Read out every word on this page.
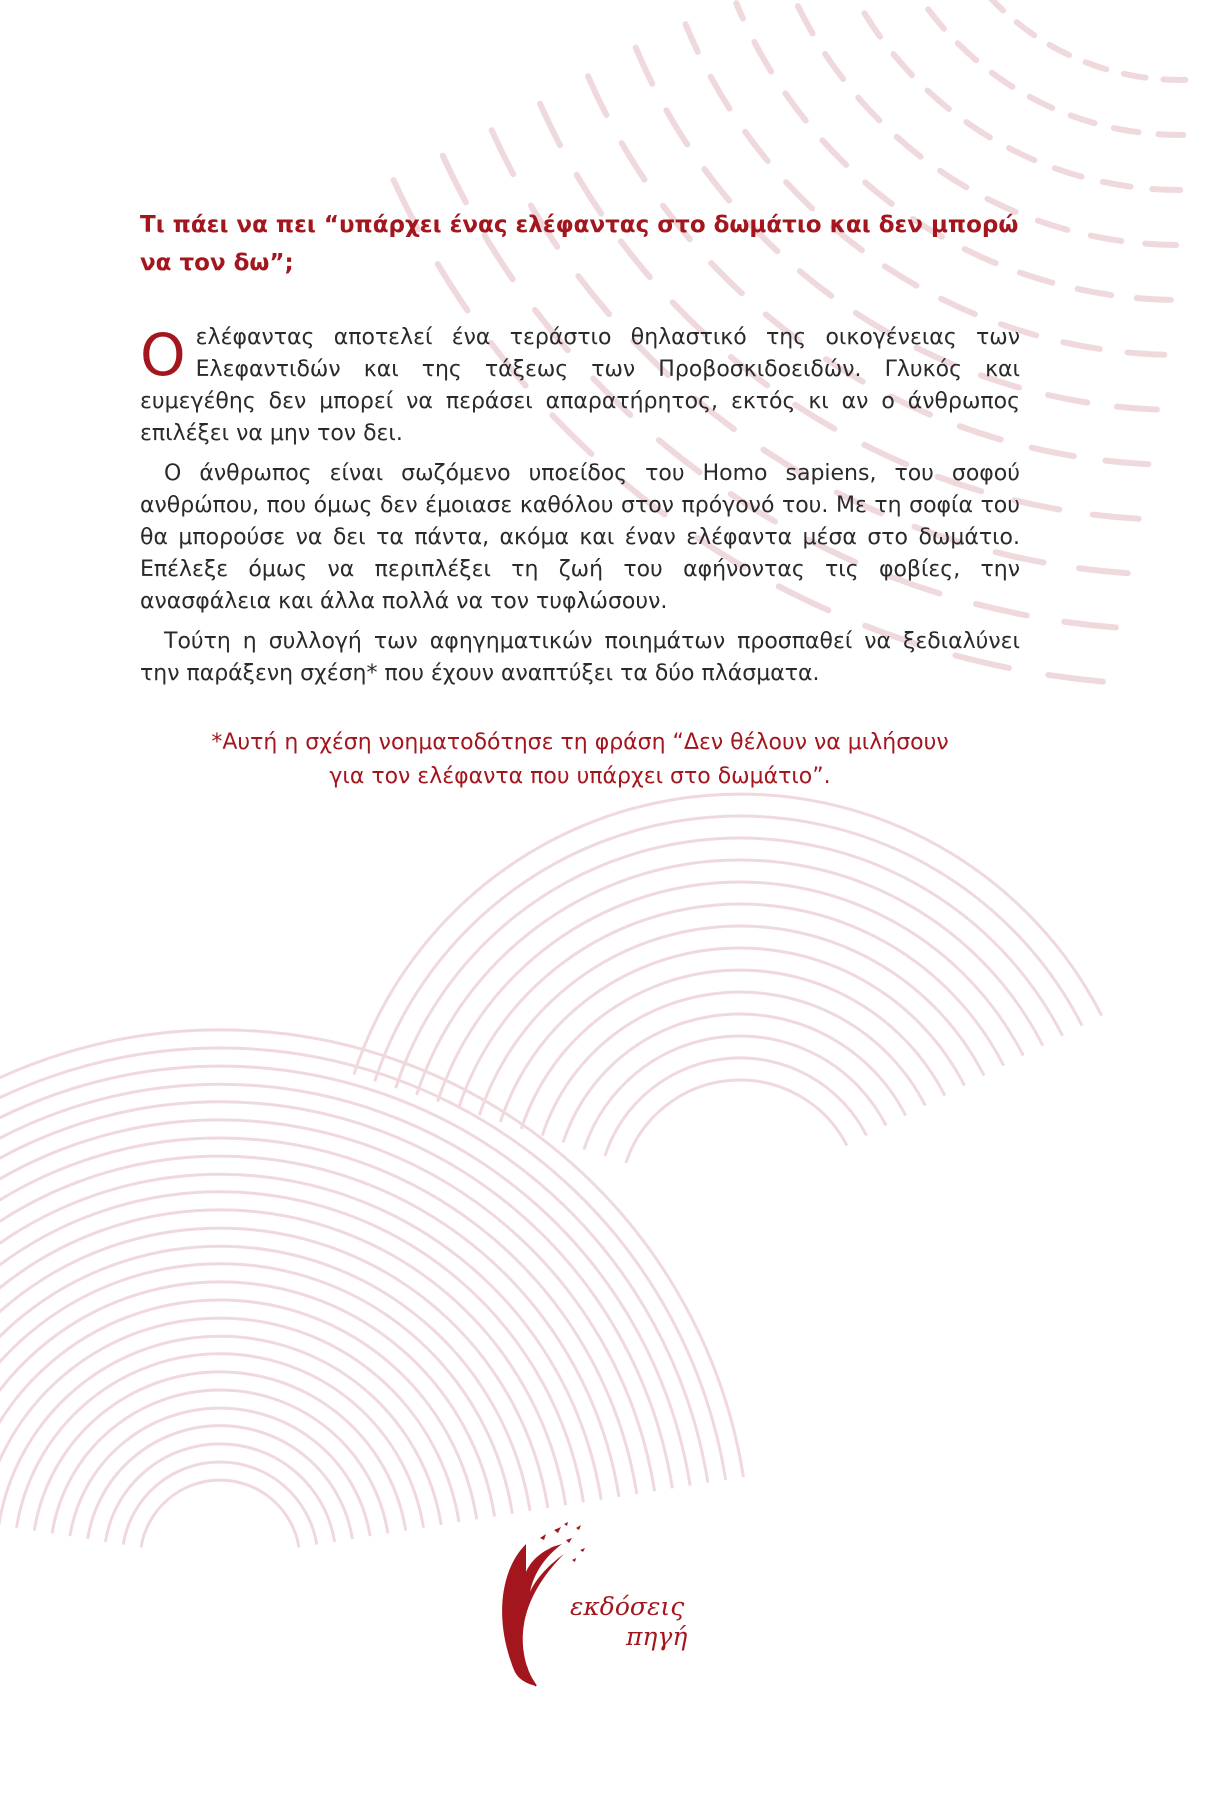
Τι πάει να πει “υπάρχει ένας ελέφαντας στο δωμάτιο και δεν μπορώ να τον δω”;

Ο ελέφαντας αποτελεί ένα τεράστιο θηλαστικό της οικογένειας των Ελεφαντιδών και της τάξεως των Προβοσκιδοειδών. Γλυκός και ευμεγέθης δεν μπορεί να περάσει απαρατήρητος, εκτός κι αν ο άνθρωπος επιλέξει να μην τον δει.

Ο άνθρωπος είναι σωζόμενο υποείδος του Homo sapiens, του σοφού ανθρώπου, που όμως δεν έμοιασε καθόλου στον πρόγονό του. Με τη σοφία του θα μπορούσε να δει τα πάντα, ακόμα και έναν ελέφαντα μέσα στο δωμάτιο. Επέλεξε όμως να περιπλέξει τη ζωή του αφήνοντας τις φοβίες, την ανασφάλεια και άλλα πολλά να τον τυφλώσουν.

Τούτη η συλλογή των αφηγηματικών ποιημάτων προσπαθεί να ξεδιαλύνει την παράξενη σχέση* που έχουν αναπτύξει τα δύο πλάσματα.

*Αυτή η σχέση νοηματοδότησε τη φράση “Δεν θέλουν να μιλήσουν
για τον ελέφαντα που υπάρχει στο δωμάτιο”.
εκδόσεις
πηγή
